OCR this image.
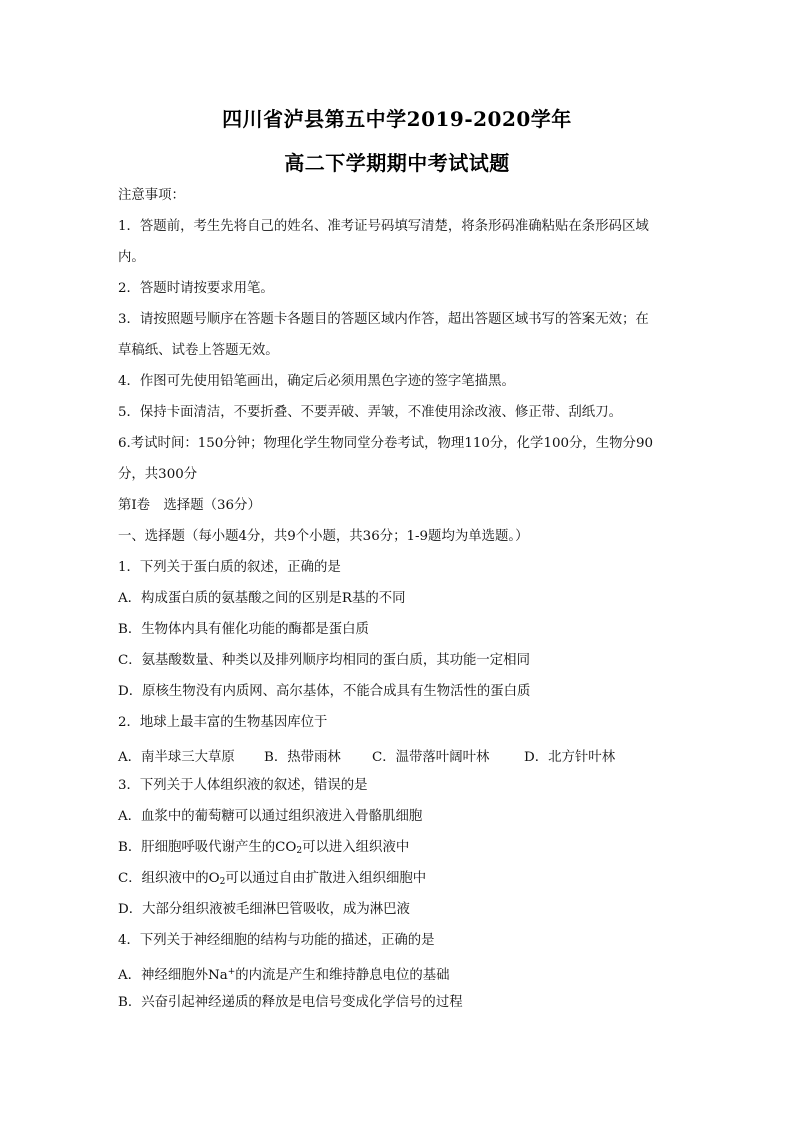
四川省泸县第五中学2019-2020学年
高二下学期期中考试试题
注意事项：
1．答题前，考生先将自己的姓名、准考证号码填写清楚，将条形码准确粘贴在条形码区域
内。
2．答题时请按要求用笔。
3．请按照题号顺序在答题卡各题目的答题区域内作答，超出答题区域书写的答案无效；在
草稿纸、试卷上答题无效。
4．作图可先使用铅笔画出，确定后必须用黑色字迹的签字笔描黑。
5．保持卡面清洁，不要折叠、不要弄破、弄皱，不准使用涂改液、修正带、刮纸刀。
6.考试时间：150分钟；物理化学生物同堂分卷考试，物理110分，化学100分，生物分90
分，共300分
第I卷　选择题（36分）
一、选择题（每小题4分，共9个小题，共36分；1-9题均为单选题。）
1．下列关于蛋白质的叙述，正确的是
A．构成蛋白质的氨基酸之间的区别是R基的不同
B．生物体内具有催化功能的酶都是蛋白质
C．氨基酸数量、种类以及排列顺序均相同的蛋白质，其功能一定相同
D．原核生物没有内质网、高尔基体，不能合成具有生物活性的蛋白质
2．地球上最丰富的生物基因库位于
A．南半球三大草原 B．热带雨林 C．温带落叶阔叶林	D．北方针叶林
3．下列关于人体组织液的叙述，错误的是
A．血浆中的葡萄糖可以通过组织液进入骨骼肌细胞
B．肝细胞呼吸代谢产生的$CO_2$可以进入组织液中
C．组织液中的$O_2$可以通过自由扩散进入组织细胞中
D．大部分组织液被毛细淋巴管吸收，成为淋巴液
4．下列关于神经细胞的结构与功能的描述，正确的是
A．神经细胞外Na+的内流是产生和维持静息电位的基础
B．兴奋引起神经递质的释放是电信号变成化学信号的过程
